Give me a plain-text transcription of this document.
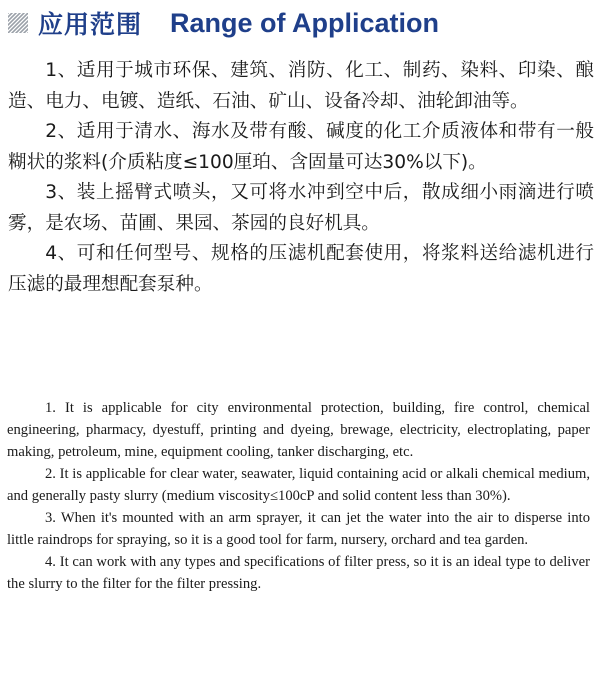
应用范围 Range of Application

1、适用于城市环保、建筑、消防、化工、制药、染料、印染、酿造、电力、电镀、造纸、石油、矿山、设备冷却、油轮卸油等。

2、适用于清水、海水及带有酸、碱度的化工介质液体和带有一般糊状的浆料(介质粘度≤100厘珀、含固量可达30%以下)。

3、装上摇臂式喷头，又可将水冲到空中后，散成细小雨滴进行喷雾，是农场、苗圃、果园、茶园的良好机具。

4、可和任何型号、规格的压滤机配套使用，将浆料送给滤机进行压滤的最理想配套泵种。

1. It is applicable for city environmental protection, building, fire control, chemical engineering, pharmacy, dyestuff, printing and dyeing, brewage, electricity, electroplating, paper making, petroleum, mine, equipment cooling, tanker discharging, etc.

2. It is applicable for clear water, seawater, liquid containing acid or alkali chemical medium, and generally pasty slurry (medium viscosity≤100cP and solid content less than 30%).

3. When it's mounted with an arm sprayer, it can jet the water into the air to disperse into little raindrops for spraying, so it is a good tool for farm, nursery, orchard and tea garden.

4. It can work with any types and specifications of filter press, so it is an ideal type to deliver the slurry to the filter for the filter pressing.
